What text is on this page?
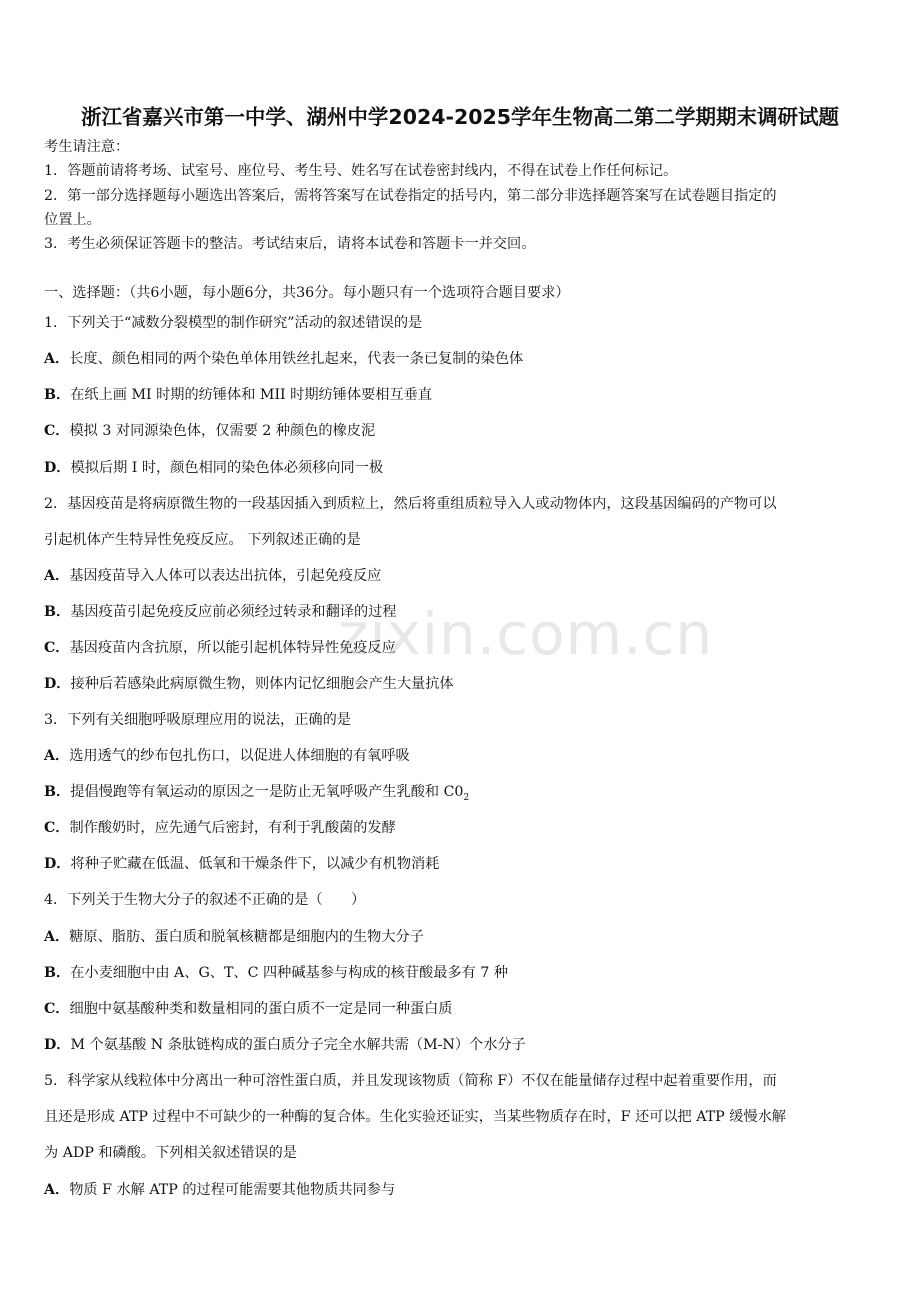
浙江省嘉兴市第一中学、湖州中学2024-2025学年生物高二第二学期期末调研试题
考生请注意：
1．答题前请将考场、试室号、座位号、考生号、姓名写在试卷密封线内，不得在试卷上作任何标记。
2．第一部分选择题每小题选出答案后，需将答案写在试卷指定的括号内，第二部分非选择题答案写在试卷题目指定的
位置上。
3．考生必须保证答题卡的整洁。考试结束后，请将本试卷和答题卡一并交回。
一、选择题：（共6小题，每小题6分，共36分。每小题只有一个选项符合题目要求）
1．下列关于“减数分裂模型的制作研究”活动的叙述错误的是
A．长度、颜色相同的两个染色单体用铁丝扎起来，代表一条已复制的染色体
B．在纸上画 MI 时期的纺锤体和 MII 时期纺锤体要相互垂直
C．模拟 3 对同源染色体，仅需要 2 种颜色的橡皮泥
D．模拟后期 I 时，颜色相同的染色体必须移向同一极
2．基因疫苗是将病原微生物的一段基因插入到质粒上，然后将重组质粒导入人或动物体内，这段基因编码的产物可以
引起机体产生特异性免疫反应。 下列叙述正确的是
A．基因疫苗导入人体可以表达出抗体，引起免疫反应
B．基因疫苗引起免疫反应前必须经过转录和翻译的过程
C．基因疫苗内含抗原，所以能引起机体特异性免疫反应
D．接种后若感染此病原微生物，则体内记忆细胞会产生大量抗体
3．下列有关细胞呼吸原理应用的说法，正确的是
A．选用透气的纱布包扎伤口，以促进人体细胞的有氧呼吸
B．提倡慢跑等有氧运动的原因之一是防止无氧呼吸产生乳酸和 $C0_2$
C．制作酸奶时，应先通气后密封，有利于乳酸菌的发酵
D．将种子贮藏在低温、低氧和干燥条件下，以减少有机物消耗
4．下列关于生物大分子的叙述不正确的是（　　）
A．糖原、脂肪、蛋白质和脱氧核糖都是细胞内的生物大分子
B．在小麦细胞中由 A、G、T、C 四种碱基参与构成的核苷酸最多有 7 种
C．细胞中氨基酸种类和数量相同的蛋白质不一定是同一种蛋白质
D．M 个氨基酸 N 条肽链构成的蛋白质分子完全水解共需（M-N）个水分子
5．科学家从线粒体中分离出一种可溶性蛋白质，并且发现该物质（简称 F）不仅在能量储存过程中起着重要作用，而
且还是形成 ATP 过程中不可缺少的一种酶的复合体。生化实验还证实，当某些物质存在时，F 还可以把 ATP 缓慢水解
为 ADP 和磷酸。下列相关叙述错误的是
A．物质 F 水解 ATP 的过程可能需要其他物质共同参与
zixin.com.cn
